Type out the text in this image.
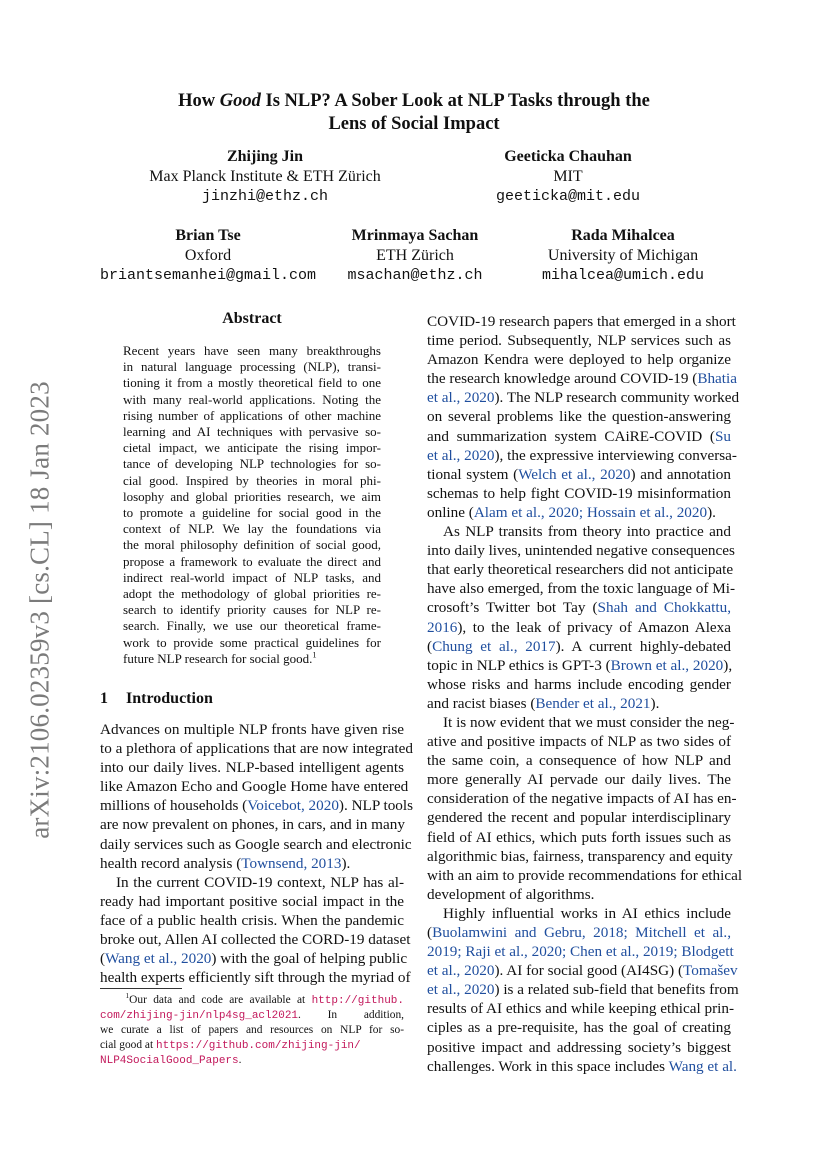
arXiv:2106.02359v3 [cs.CL] 18 Jan 2023
How Good Is NLP? A Sober Look at NLP Tasks through the
Lens of Social Impact
Zhijing Jin
Max Planck Institute & ETH Zürich
jinzhi@ethz.ch
Geeticka Chauhan
MIT
geeticka@mit.edu
Brian Tse
Oxford
briantsemanhei@gmail.com
Mrinmaya Sachan
ETH Zürich
msachan@ethz.ch
Rada Mihalcea
University of Michigan
mihalcea@umich.edu
Abstract
Recent years have seen many breakthroughs
in natural language processing (NLP), transi-
tioning it from a mostly theoretical field to one
with many real-world applications. Noting the
rising number of applications of other machine
learning and AI techniques with pervasive so-
cietal impact, we anticipate the rising impor-
tance of developing NLP technologies for so-
cial good. Inspired by theories in moral phi-
losophy and global priorities research, we aim
to promote a guideline for social good in the
context of NLP. We lay the foundations via
the moral philosophy definition of social good,
propose a framework to evaluate the direct and
indirect real-world impact of NLP tasks, and
adopt the methodology of global priorities re-
search to identify priority causes for NLP re-
search. Finally, we use our theoretical frame-
work to provide some practical guidelines for
future NLP research for social good.$^1$
1 Introduction
Advances on multiple NLP fronts have given rise
to a plethora of applications that are now integrated
into our daily lives. NLP-based intelligent agents
like Amazon Echo and Google Home have entered
millions of households (Voicebot, 2020). NLP tools
are now prevalent on phones, in cars, and in many
daily services such as Google search and electronic
health record analysis (Townsend, 2013).
In the current COVID-19 context, NLP has al-
ready had important positive social impact in the
face of a public health crisis. When the pandemic
broke out, Allen AI collected the CORD-19 dataset
(Wang et al., 2020) with the goal of helping public
health experts efficiently sift through the myriad of
$^1$Our data and code are available at http://github.
com/zhijing-jin/nlp4sg_acl2021. In addition,
we curate a list of papers and resources on NLP for so-
cial good at https://github.com/zhijing-jin/
NLP4SocialGood_Papers.
COVID-19 research papers that emerged in a short
time period. Subsequently, NLP services such as
Amazon Kendra were deployed to help organize
the research knowledge around COVID-19 (Bhatia
et al., 2020). The NLP research community worked
on several problems like the question-answering
and summarization system CAiRE-COVID (Su
et al., 2020), the expressive interviewing conversa-
tional system (Welch et al., 2020) and annotation
schemas to help fight COVID-19 misinformation
online (Alam et al., 2020; Hossain et al., 2020).
As NLP transits from theory into practice and
into daily lives, unintended negative consequences
that early theoretical researchers did not anticipate
have also emerged, from the toxic language of Mi-
crosoft’s Twitter bot Tay (Shah and Chokkattu,
2016), to the leak of privacy of Amazon Alexa
(Chung et al., 2017). A current highly-debated
topic in NLP ethics is GPT-3 (Brown et al., 2020),
whose risks and harms include encoding gender
and racist biases (Bender et al., 2021).
It is now evident that we must consider the neg-
ative and positive impacts of NLP as two sides of
the same coin, a consequence of how NLP and
more generally AI pervade our daily lives. The
consideration of the negative impacts of AI has en-
gendered the recent and popular interdisciplinary
field of AI ethics, which puts forth issues such as
algorithmic bias, fairness, transparency and equity
with an aim to provide recommendations for ethical
development of algorithms.
Highly influential works in AI ethics include
(Buolamwini and Gebru, 2018; Mitchell et al.,
2019; Raji et al., 2020; Chen et al., 2019; Blodgett
et al., 2020). AI for social good (AI4SG) (Tomašev
et al., 2020) is a related sub-field that benefits from
results of AI ethics and while keeping ethical prin-
ciples as a pre-requisite, has the goal of creating
positive impact and addressing society’s biggest
challenges. Work in this space includes Wang et al.
